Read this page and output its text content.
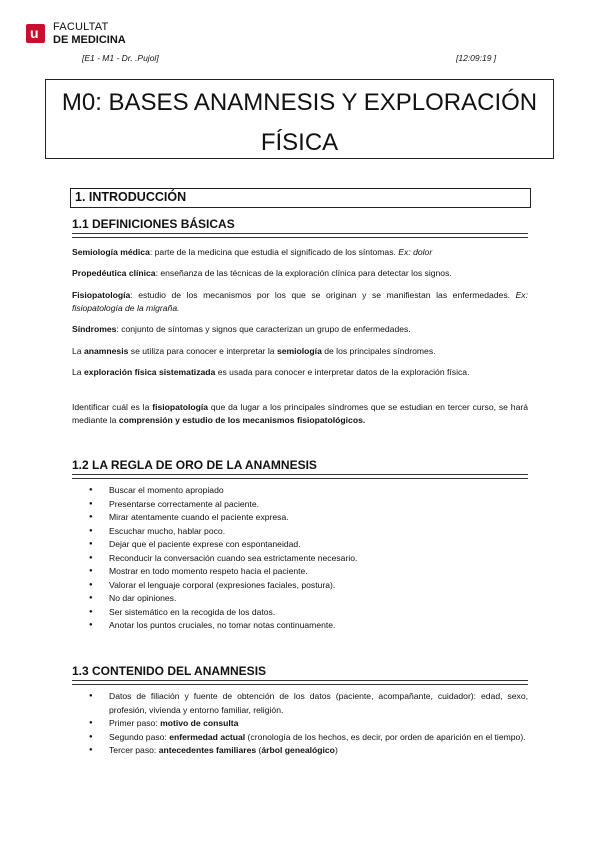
u FACULTAT
DE MEDICINA
[E1 - M1 - Dr. .Pujol]	[12:09:19 ]
M0: BASES ANAMNESIS Y EXPLORACIÓN
FÍSICA
1. INTRODUCCIÓN
1.1 DEFINICIONES BÁSICAS
Semiología médica: parte de la medicina que estudia el significado de los síntomas. Ex: dolor
Propedéutica clínica: enseñanza de las técnicas de la exploración clínica para detectar los signos.
Fisiopatología: estudio de los mecanismos por los que se originan y se manifiestan las enfermedades. Ex: fisiopatología de la migraña.
Síndromes: conjunto de síntomas y signos que caracterizan un grupo de enfermedades.
La anamnesis se utiliza para conocer e interpretar la semiología de los principales síndromes.
La exploración física sistematizada es usada para conocer e interpretar datos de la exploración física.
Identificar cuál es la fisiopatología que da lugar a los principales síndromes que se estudian en tercer curso, se hará mediante la comprensión y estudio de los mecanismos fisiopatológicos.
1.2 LA REGLA DE ORO DE LA ANAMNESIS
● Buscar el momento apropiado
● Presentarse correctamente al paciente.
● Mirar atentamente cuando el paciente expresa.
● Escuchar mucho, hablar poco.
● Dejar que el paciente exprese con espontaneidad.
● Reconducir la conversación cuando sea estrictamente necesario.
● Mostrar en todo momento respeto hacia el paciente.
● Valorar el lenguaje corporal (expresiones faciales, postura).
● No dar opiniones.
● Ser sistemático en la recogida de los datos.
● Anotar los puntos cruciales, no tomar notas continuamente.
1.3 CONTENIDO DEL ANAMNESIS
● Datos de filiación y fuente de obtención de los datos (paciente, acompañante, cuidador): edad, sexo, profesión, vivienda y entorno familiar, religión.
● Primer paso: motivo de consulta
● Segundo paso: enfermedad actual (cronología de los hechos, es decir, por orden de aparición en el tiempo).
● Tercer paso: antecedentes familiares (árbol genealógico)
